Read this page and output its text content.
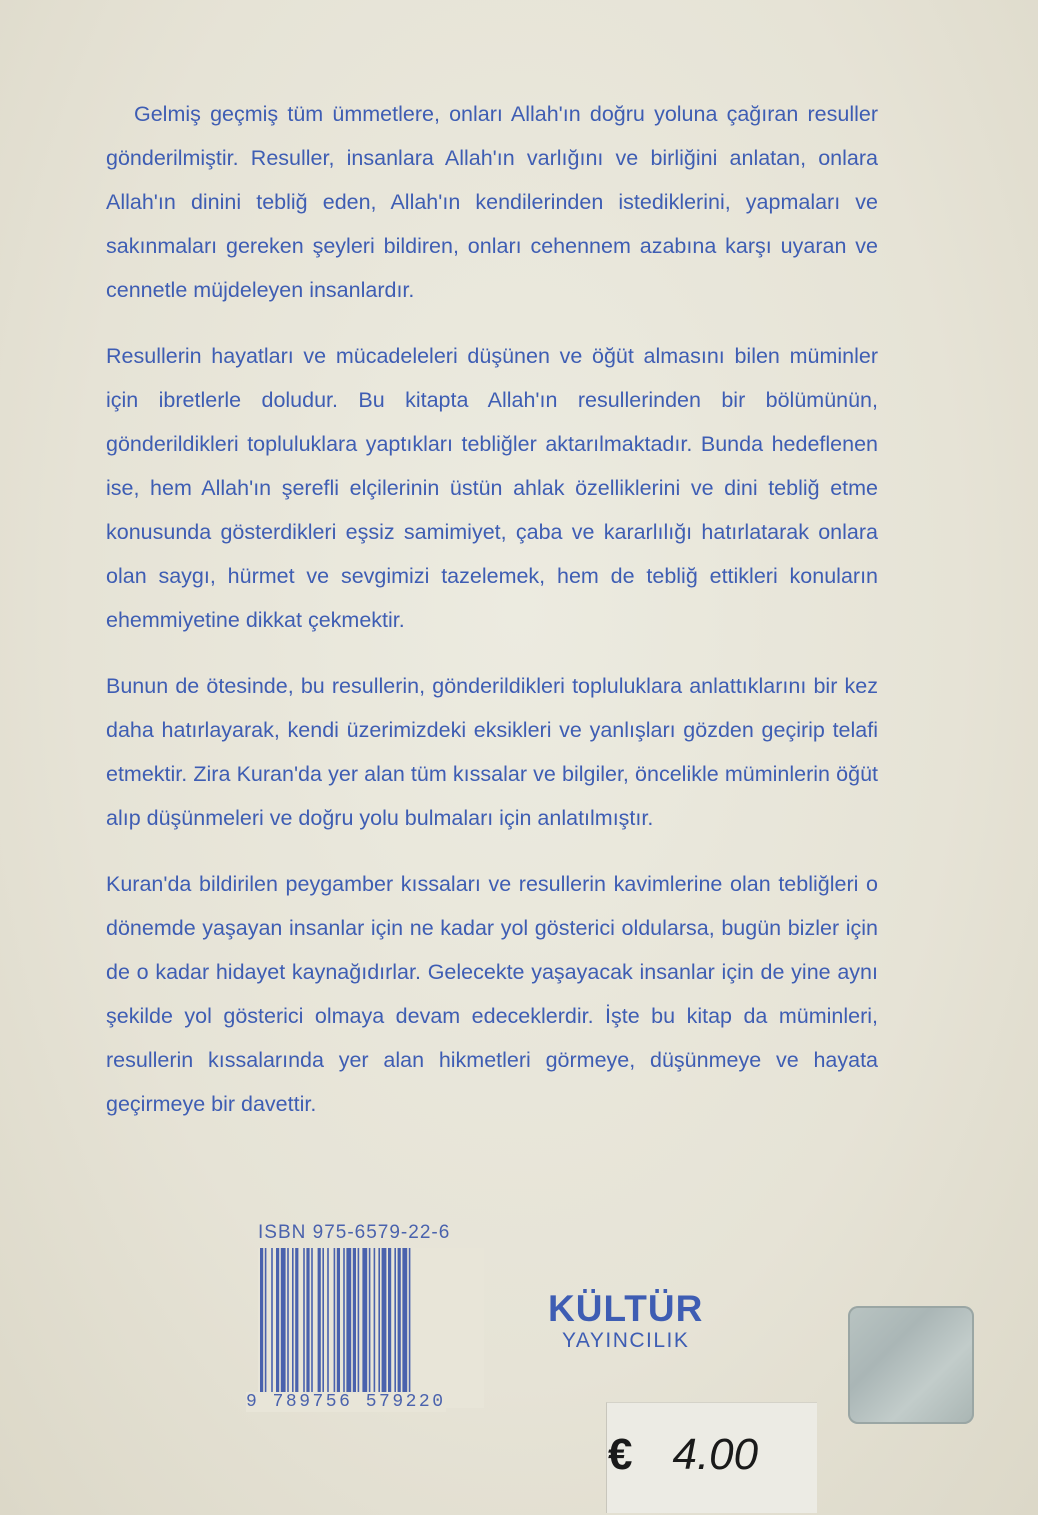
Gelmiş geçmiş tüm ümmetlere, onları Allah'ın doğru yoluna çağıran resuller gönderilmiştir. Resuller, insanlara Allah'ın varlığını ve birliğini anlatan, onlara Allah'ın dinini tebliğ eden, Allah'ın kendilerinden istediklerini, yapmaları ve sakınmaları gereken şeyleri bildiren, onları cehennem azabına karşı uyaran ve cennetle müjdeleyen insanlardır.

Resullerin hayatları ve mücadeleleri düşünen ve öğüt almasını bilen müminler için ibretlerle doludur. Bu kitapta Allah'ın resullerinden bir bölümünün, gönderildikleri topluluklara yaptıkları tebliğler aktarılmaktadır. Bunda hedeflenen ise, hem Allah'ın şerefli elçilerinin üstün ahlak özelliklerini ve dini tebliğ etme konusunda gösterdikleri eşsiz samimiyet, çaba ve kararlılığı hatırlatarak onlara olan saygı, hürmet ve sevgimizi tazelemek, hem de tebliğ ettikleri konuların ehemmiyetine dikkat çekmektir.

Bunun de ötesinde, bu resullerin, gönderildikleri topluluklara anlattıklarını bir kez daha hatırlayarak, kendi üzerimizdeki eksikleri ve yanlışları gözden geçirip telafi etmektir. Zira Kuran'da yer alan tüm kıssalar ve bilgiler, öncelikle müminlerin öğüt alıp düşünmeleri ve doğru yolu bulmaları için anlatılmıştır.

Kuran'da bildirilen peygamber kıssaları ve resullerin kavimlerine olan tebliğleri o dönemde yaşayan insanlar için ne kadar yol gösterici oldularsa, bugün bizler için de o kadar hidayet kaynağıdırlar. Gelecekte yaşayacak insanlar için de yine aynı şekilde yol gösterici olmaya devam edeceklerdir. İşte bu kitap da müminleri, resullerin kıssalarında yer alan hikmetleri görmeye, düşünmeye ve hayata geçirmeye bir davettir.

ISBN 975-6579-22-6
9 789756 579220
KÜLTÜR
YAYINCILIK
€ 4.00
